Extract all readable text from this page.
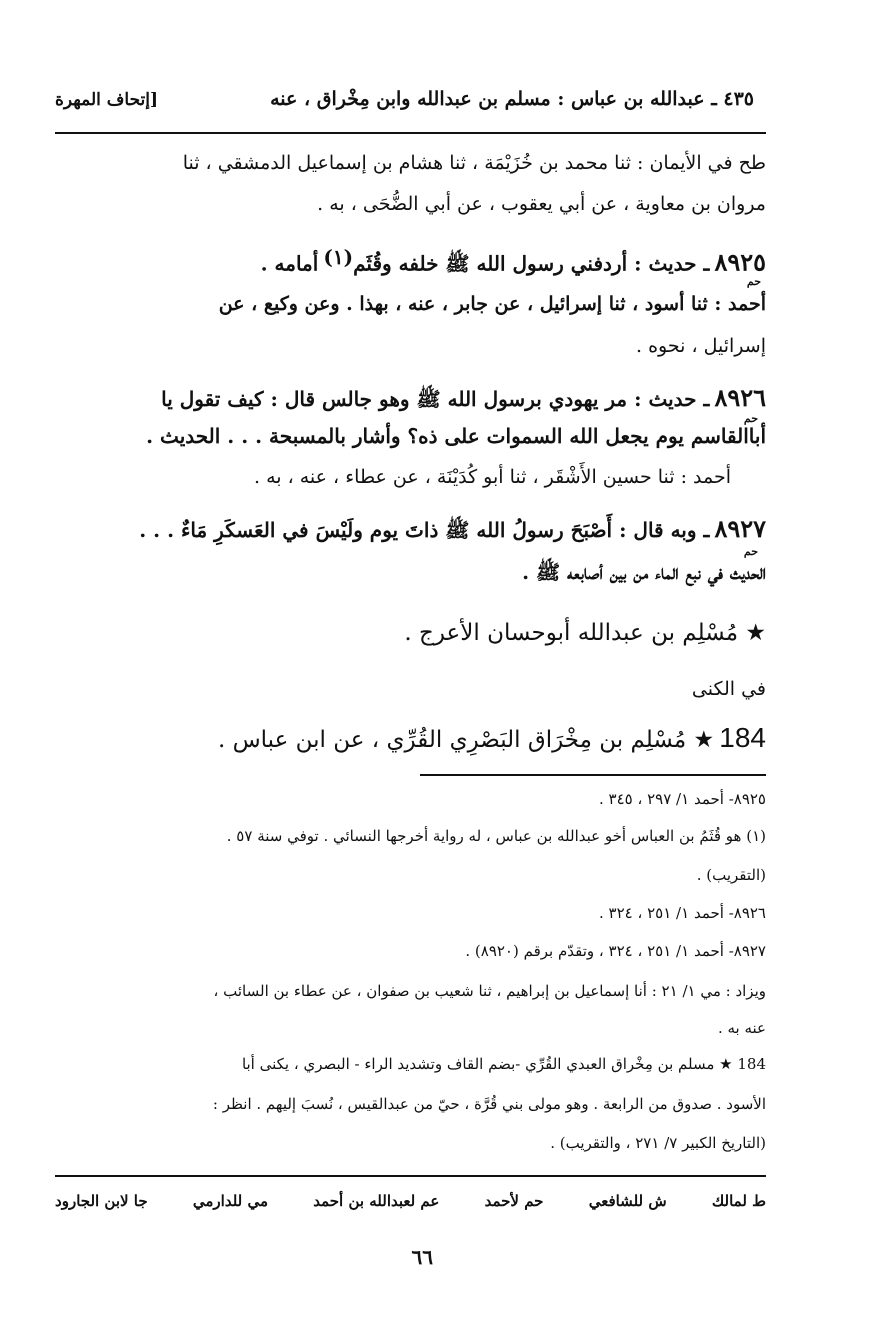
٤٣٥ ـ عبدالله بن عباس : مسلم بن عبدالله وابن مِخْراق ، عنه
[إتحاف المهرة
طح في الأيمان : ثنا محمد بن خُزَيْمَة ، ثنا هشام بن إسماعيل الدمشقي ، ثنا
مروان بن معاوية ، عن أبي يعقوب ، عن أبي الضُّحَى ، به .
٨٩٢٥ ـ حديث : أردفني رسول الله ﷺ خلفه وقُثَم$^{(١)}$ أمامه .
حم
أحمد : ثنا أسود ، ثنا إسرائيل ، عن جابر ، عنه ، بهذا . وعن وكيع ، عن
إسرائيل ، نحوه .
٨٩٢٦ ـ حديث : مر يهودي برسول الله ﷺ وهو جالس قال : كيف تقول يا
حم
أباالقاسم يوم يجعل الله السموات على ذه؟ وأشار بالمسبحة . . . الحديث .
أحمد : ثنا حسين الأَشْقَر ، ثنا أبو كُدَيْنَة ، عن عطاء ، عنه ، به .
٨٩٢٧ ـ وبه قال : أَصْبَحَ رسولُ الله ﷺ ذاتَ يوم ولَيْسَ في العَسكَرِ مَاءٌ . . .
حم
الحديث في نبع الماء من بين أصابعه ﷺ .
★ مُسْلِم بن عبدالله أبوحسان الأعرج .
في الكنى
184 ★ مُسْلِم بن مِخْرَاق البَصْرِي القُرِّي ، عن ابن عباس .
٨٩٢٥- أحمد ١/ ٢٩٧ ، ٣٤٥ .
(١) هو قُثَمُ بن العباس أخو عبدالله بن عباس ، له رواية أخرجها النسائي . توفي سنة ٥٧ .
(التقريب) .
٨٩٢٦- أحمد ١/ ٢٥١ ، ٣٢٤ .
٨٩٢٧- أحمد ١/ ٢٥١ ، ٣٢٤ ، وتقدّم برقم (٨٩٢٠) .
ويزاد : مي ١/ ٢١ : أنا إسماعيل بن إبراهيم ، ثنا شعيب بن صفوان ، عن عطاء بن السائب ،
عنه به .
184 ★ مسلم بن مِخْراق العبدي القُرِّي -بضم القاف وتشديد الراء - البصري ، يكنى أبا
الأسود . صدوق من الرابعة . وهو مولى بني قُرَّة ، حيّ من عبدالقيس ، نُسبَ إليهم . انظر :
(التاريخ الكبير ٧/ ٢٧١ ، والتقريب) .
ط لمالك
ش للشافعي
حم لأحمد
عم لعبدالله بن أحمد
مي للدارمي
جا لابن الجارود
٦٦
